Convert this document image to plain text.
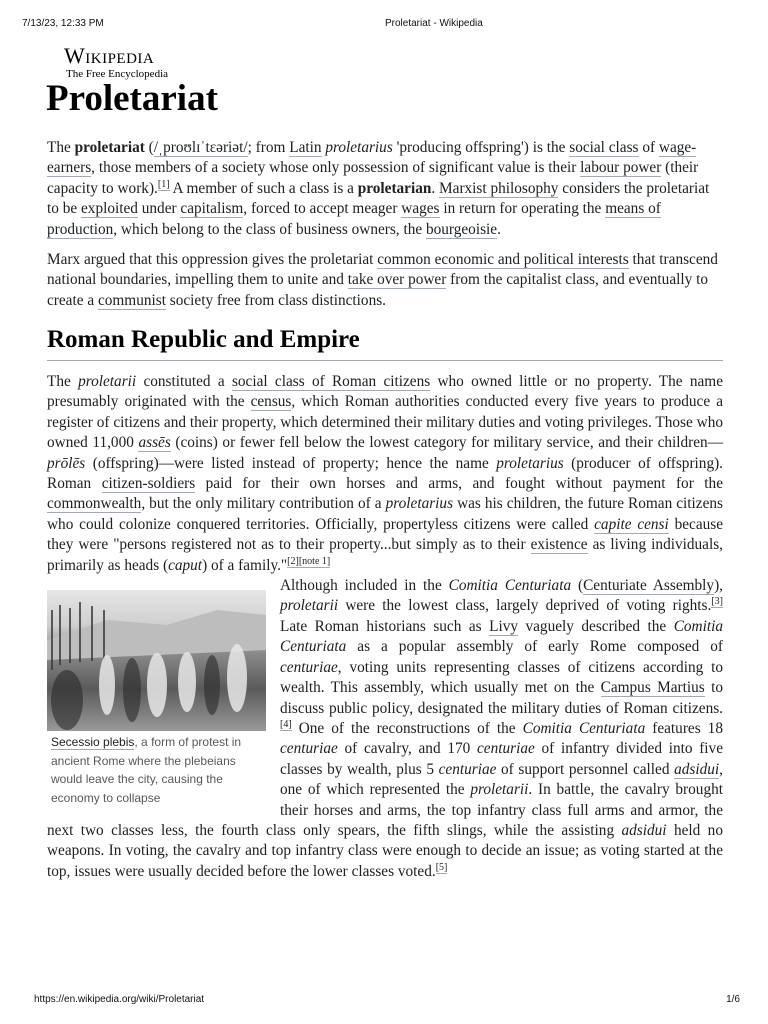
7/13/23, 12:33 PM	Proletariat - Wikipedia
Wikipedia
The Free Encyclopedia
Proletariat

The proletariat (/ˌproʊlɪˈtɛəriət/; from Latin proletarius 'producing offspring') is the social class of wage-earners, those members of a society whose only possession of significant value is their labour power (their capacity to work).[1] A member of such a class is a proletarian. Marxist philosophy considers the proletariat to be exploited under capitalism, forced to accept meager wages in return for operating the means of production, which belong to the class of business owners, the bourgeoisie.

Marx argued that this oppression gives the proletariat common economic and political interests that transcend national boundaries, impelling them to unite and take over power from the capitalist class, and eventually to create a communist society free from class distinctions.

Roman Republic and Empire

The proletarii constituted a social class of Roman citizens who owned little or no property. The name presumably originated with the census, which Roman authorities conducted every five years to produce a register of citizens and their property, which determined their military duties and voting privileges. Those who owned 11,000 assēs (coins) or fewer fell below the lowest category for military service, and their children—prōlēs (offspring)—were listed instead of property; hence the name proletarius (producer of offspring). Roman citizen-soldiers paid for their own horses and arms, and fought without payment for the commonwealth, but the only military contribution of a proletarius was his children, the future Roman citizens who could colonize conquered territories. Officially, propertyless citizens were called capite censi because they were "persons registered not as to their property...but simply as to their existence as living individuals, primarily as heads (caput) of a family."[2][note 1]

Secessio plebis, a form of protest in ancient Rome where the plebeians would leave the city, causing the economy to collapse

Although included in the Comitia Centuriata (Centuriate Assembly), proletarii were the lowest class, largely deprived of voting rights.[3] Late Roman historians such as Livy vaguely described the Comitia Centuriata as a popular assembly of early Rome composed of centuriae, voting units representing classes of citizens according to wealth. This assembly, which usually met on the Campus Martius to discuss public policy, designated the military duties of Roman citizens.[4] One of the reconstructions of the Comitia Centuriata features 18 centuriae of cavalry, and 170 centuriae of infantry divided into five classes by wealth, plus 5 centuriae of support personnel called adsidui, one of which represented the proletarii. In battle, the cavalry brought their horses and arms, the top infantry class full arms and armor, the next two classes less, the fourth class only spears, the fifth slings, while the assisting adsidui held no weapons. In voting, the cavalry and top infantry class were enough to decide an issue; as voting started at the top, issues were usually decided before the lower classes voted.[5]

https://en.wikipedia.org/wiki/Proletariat	1/6
